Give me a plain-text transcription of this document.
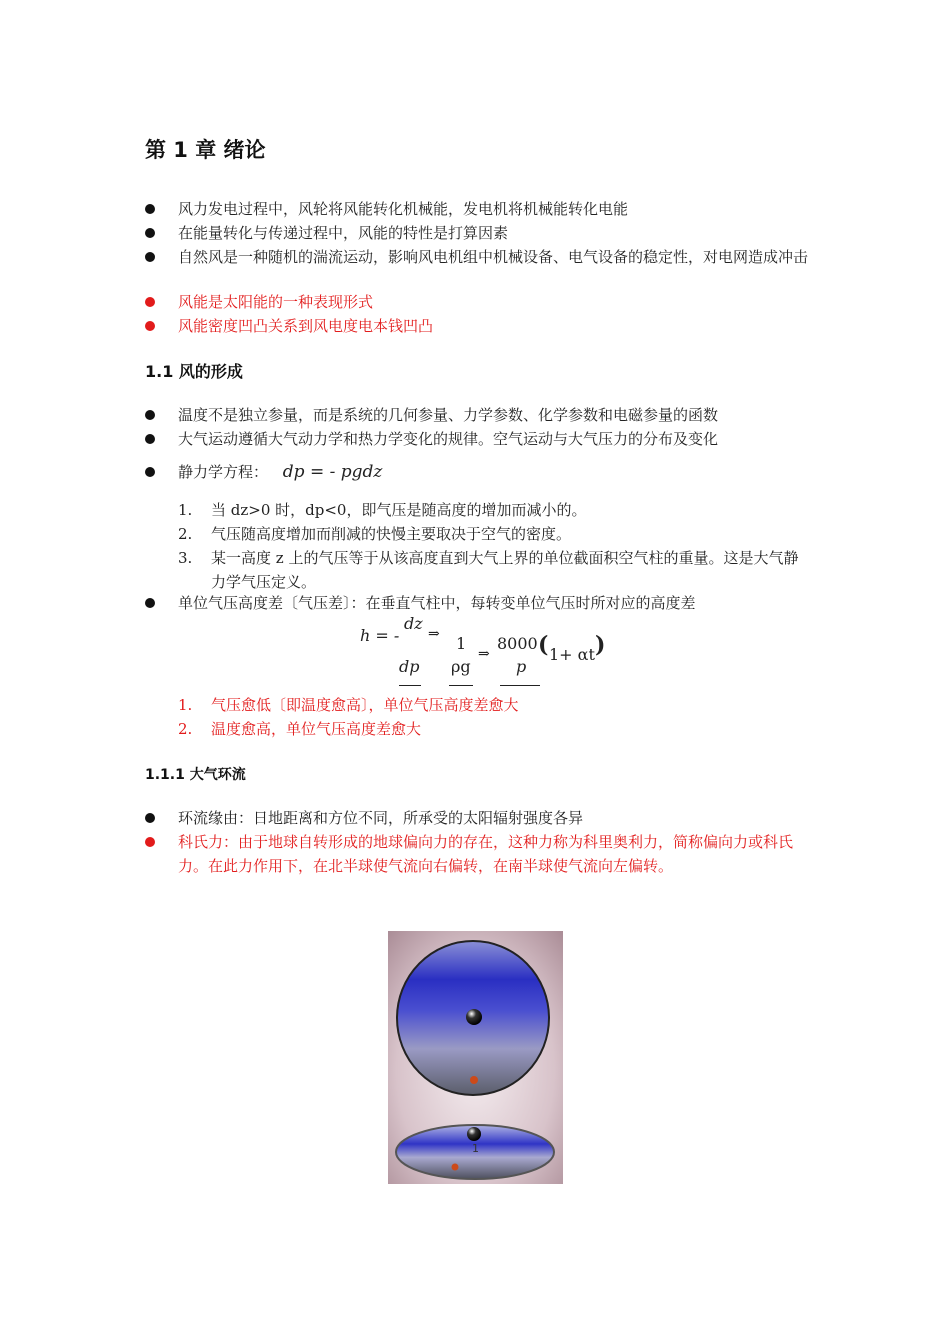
第 1 章 绪论
风力发电过程中，风轮将风能转化机械能，发电机将机械能转化电能
在能量转化与传递过程中，风能的特性是打算因素
自然风是一种随机的湍流运动，影响风电机组中机械设备、电气设备的稳定性，对电网造成冲击
风能是太阳能的一种表现形式
风能密度凹凸关系到风电度电本钱凹凸
1.1 风的形成
温度不是独立参量，而是系统的几何参量、力学参数、化学参数和电磁参量的函数
大气运动遵循大气动力学和热力学变化的规律。空气运动与大气压力的分布及变化
静力学方程： dp = - pgdz
1. 当 dz>0 时，dp<0，即气压是随高度的增加而减小的。
2. 气压随高度增加而削减的快慢主要取决于空气的密度。
3. 某一高度 z 上的气压等于从该高度直到大气上界的单位截面积空气柱的重量。这是大气静力学气压定义。
单位气压高度差〔气压差〕：在垂直气柱中，每转变单位气压时所对应的高度差
h = -
dz
⇒ 1
⇒
8000 ( 1+ αt )
dp ρg	p
1. 气压愈低〔即温度愈高〕，单位气压高度差愈大
2. 温度愈高，单位气压高度差愈大
1.1.1 大气环流
环流缘由：日地距离和方位不同，所承受的太阳辐射强度各异
科氏力：由于地球自转形成的地球偏向力的存在，这种力称为科里奥利力，简称偏向力或科氏力。在此力作用下，在北半球使气流向右偏转，在南半球使气流向左偏转。
1
